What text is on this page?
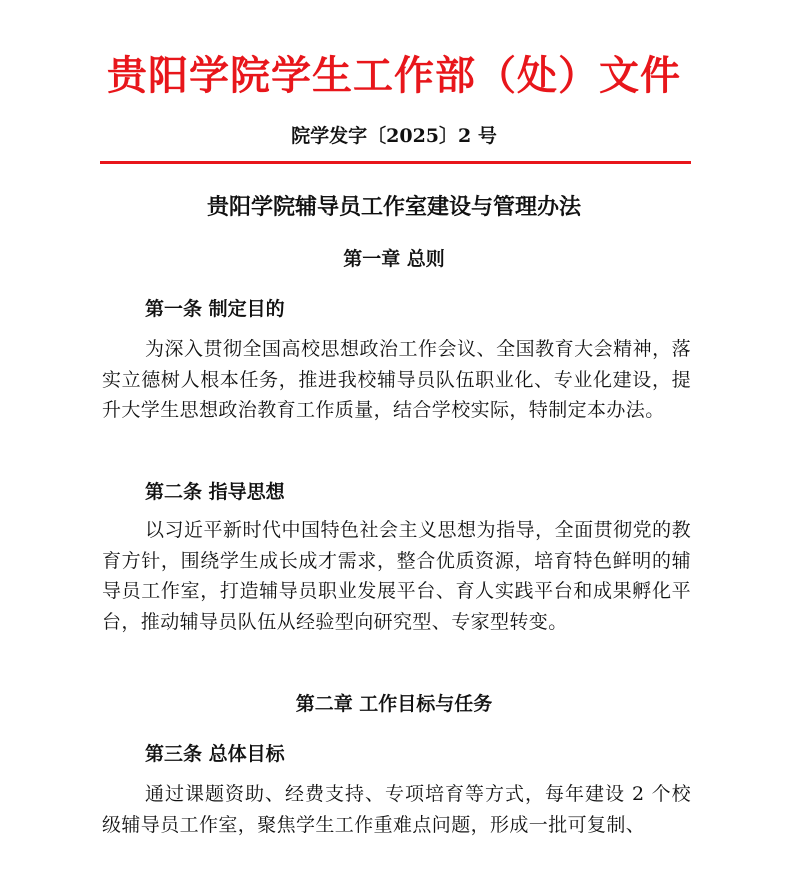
贵阳学院学生工作部（处）文件

院学发字〔2025〕2 号

贵阳学院辅导员工作室建设与管理办法
第一章 总则
第一条 制定目的

为深入贯彻全国高校思想政治工作会议、全国教育大会精神，落实立德树人根本任务，推进我校辅导员队伍职业化、专业化建设，提升大学生思想政治教育工作质量，结合学校实际，特制定本办法。

第二条 指导思想

以习近平新时代中国特色社会主义思想为指导，全面贯彻党的教育方针，围绕学生成长成才需求，整合优质资源，培育特色鲜明的辅导员工作室，打造辅导员职业发展平台、育人实践平台和成果孵化平台，推动辅导员队伍从经验型向研究型、专家型转变。

第二章 工作目标与任务
第三条 总体目标

通过课题资助、经费支持、专项培育等方式，每年建设 2 个校级辅导员工作室，聚焦学生工作重难点问题，形成一批可复制、
